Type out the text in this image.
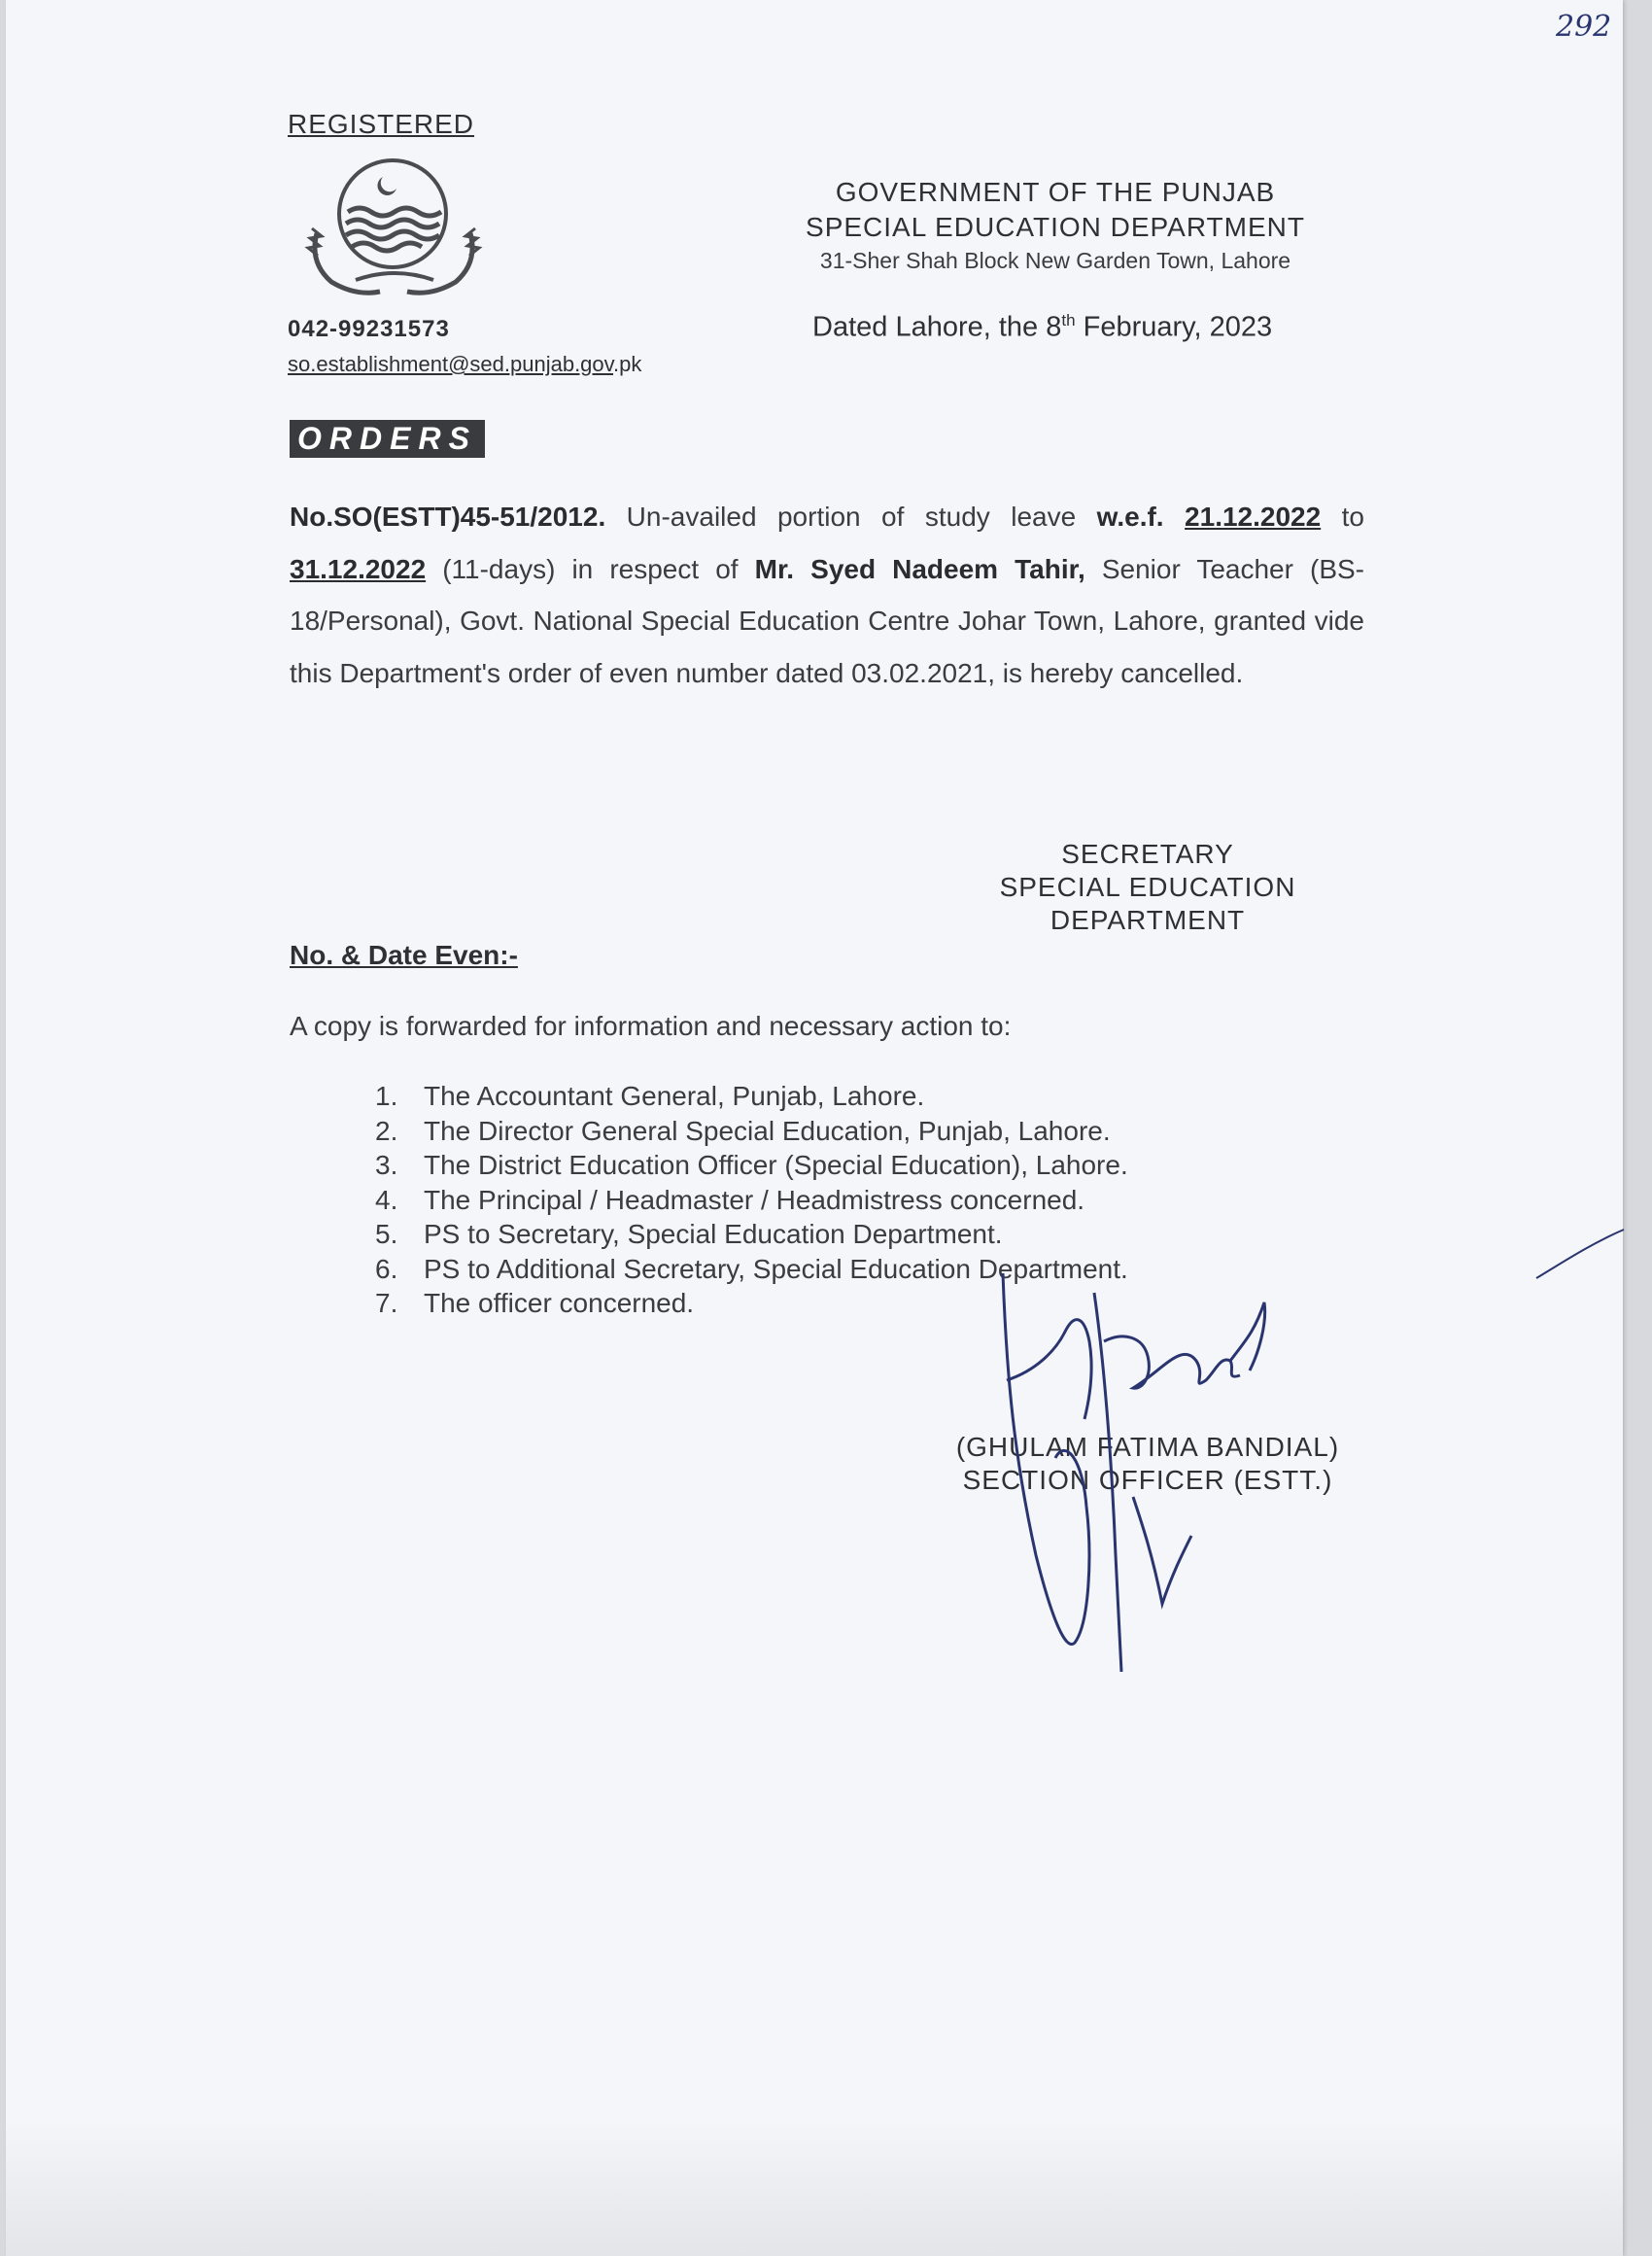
292
REGISTERED
GOVERNMENT OF THE PUNJAB
SPECIAL EDUCATION DEPARTMENT
31-Sher Shah Block New Garden Town, Lahore
042-99231573
so.establishment@sed.punjab.gov.pk
Dated Lahore, the 8th February, 2023
ORDERS
No.SO(ESTT)45-51/2012. Un-availed portion of study leave w.e.f. 21.12.2022 to 31.12.2022 (11-days) in respect of Mr. Syed Nadeem Tahir, Senior Teacher (BS-18/Personal), Govt. National Special Education Centre Johar Town, Lahore, granted vide this Department's order of even number dated 03.02.2021, is hereby cancelled.
SECRETARY
SPECIAL EDUCATION
DEPARTMENT
No. & Date Even:-
A copy is forwarded for information and necessary action to:
1. The Accountant General, Punjab, Lahore.
2. The Director General Special Education, Punjab, Lahore.
3. The District Education Officer (Special Education), Lahore.
4. The Principal / Headmaster / Headmistress concerned.
5. PS to Secretary, Special Education Department.
6. PS to Additional Secretary, Special Education Department.
7. The officer concerned.
(GHULAM FATIMA BANDIAL)
SECTION OFFICER (ESTT.)
